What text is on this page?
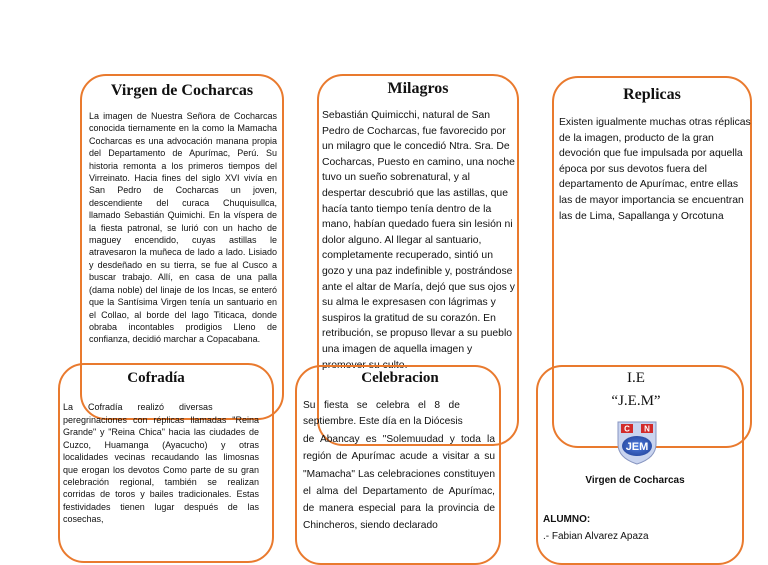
Virgen de Cocharcas
La imagen de Nuestra Señora de Cocharcas conocida tiernamente en la como la Mamacha Cocharcas es una advocación manana propia del Departamento de Apurímac, Perú. Su historia remonta a los primeros tiempos del Virreinato. Hacia fines del siglo XVI vivía en San Pedro de Cocharcas un joven, descendiente del curaca Chuquisullca, llamado Sebastián Quimichi. En la víspera de la fiesta patronal, se lurió con un hacho de maguey encendido, cuyas astillas le atravesaron la muñeca de lado a lado. Lisiado y desdeñado en su tierra, se fue al Cusco a buscar trabajo. Allí, en casa de una palla (dama noble) del linaje de los Incas, se enteró que la Santísima Virgen tenía un santuario en el Collao, al borde del lago Titicaca, donde obraba incontables prodigios Lleno de confianza, decidió marchar a Copacabana.
Milagros
Sebastián Quimicchi, natural de San Pedro de Cocharcas, fue favorecido por un milagro que le concedió Ntra. Sra. De Cocharcas, Puesto en camino, una noche tuvo un sueño sobrenatural, y al despertar descubrió que las astillas, que hacía tanto tiempo tenía dentro de la mano, habían quedado fuera sin lesión ni dolor alguno. Al llegar al santuario, completamente recuperado, sintió un gozo y una paz indefinible y, postrándose ante el altar de María, dejó que sus ojos y su alma le expresasen con lágrimas y suspiros la gratitud de su corazón. En retribución, se propuso llevar a su pueblo una imagen de aquella imagen y promover su culto.
Replicas
Existen igualmente muchas otras réplicas de la imagen, producto de la gran devoción que fue impulsada por aquella época por sus devotos fuera del departamento de Apurímac, entre ellas las de mayor importancia se encuentran las de Lima, Sapallanga y Orcotuna
Cofradía
La      Cofradía      realizó      diversas
peregrinaciones con réplicas llamadas "Reina Grande" y "Reina Chica" hacia las ciudades de Cuzco, Huamanga (Ayacucho) y otras localidades vecinas recaudando las limosnas que erogan los devotos Como parte de su gran celebración regional, también se realizan corridas de toros y bailes tradicionales. Estas festividades tienen lugar después de las cosechas,
Celebracion
Su   fiesta   se   celebra   el   8   de
septiembre. Este día en la Diócesis
de Abancay es "Solemuudad y toda la región de Apurímac acude a visitar a su "Mamacha" Las celebraciones constituyen el alma del Departamento de Apurímac, de manera especial para la provincia de Chincheros, siendo declarado
I.E
“J.E.M”
C N
JEM
Virgen de Cocharcas
ALUMNO:
.- Fabian Alvarez Apaza
